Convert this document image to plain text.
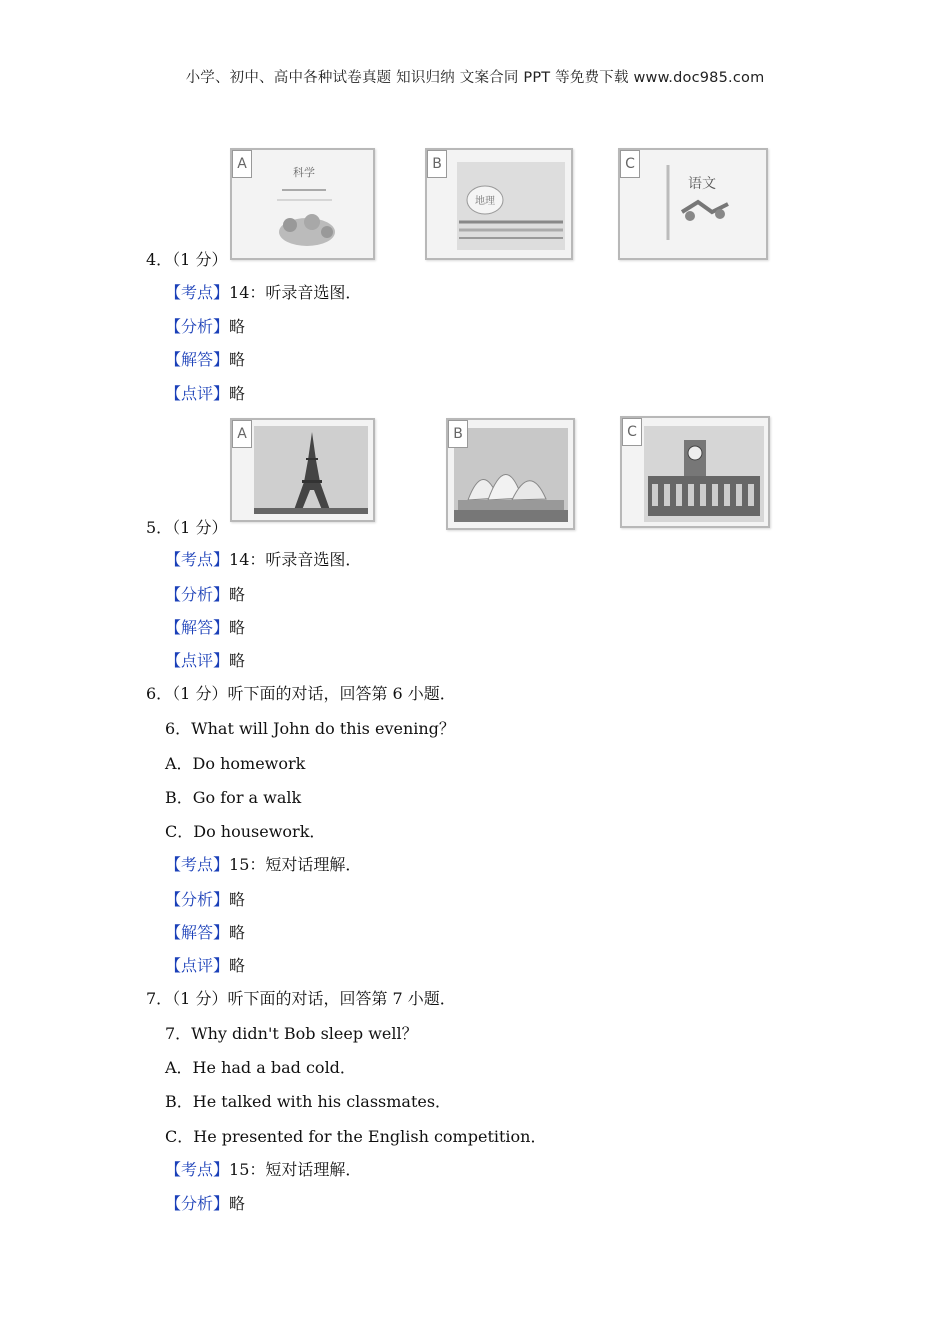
小学、初中、高中各种试卷真题 知识归纳 文案合同 PPT 等免费下载 www.doc985.com
A
科学
B
地理
C
语文
4．（1 分）
【考点】14：听录音选图．
【分析】略
【解答】略
【点评】略
A	B	C
5．（1 分）
【考点】14：听录音选图．
【分析】略
【解答】略
【点评】略
6．（1 分）听下面的对话，回答第 6 小题．
6．What will John do this evening？
A．Do homework
B．Go for a walk
C．Do housework．
【考点】15：短对话理解．
【分析】略
【解答】略
【点评】略
7．（1 分）听下面的对话，回答第 7 小题．
7．Why didn't Bob sleep well？
A．He had a bad cold．
B．He talked with his classmates．
C．He presented for the English competition．
【考点】15：短对话理解．
【分析】略
